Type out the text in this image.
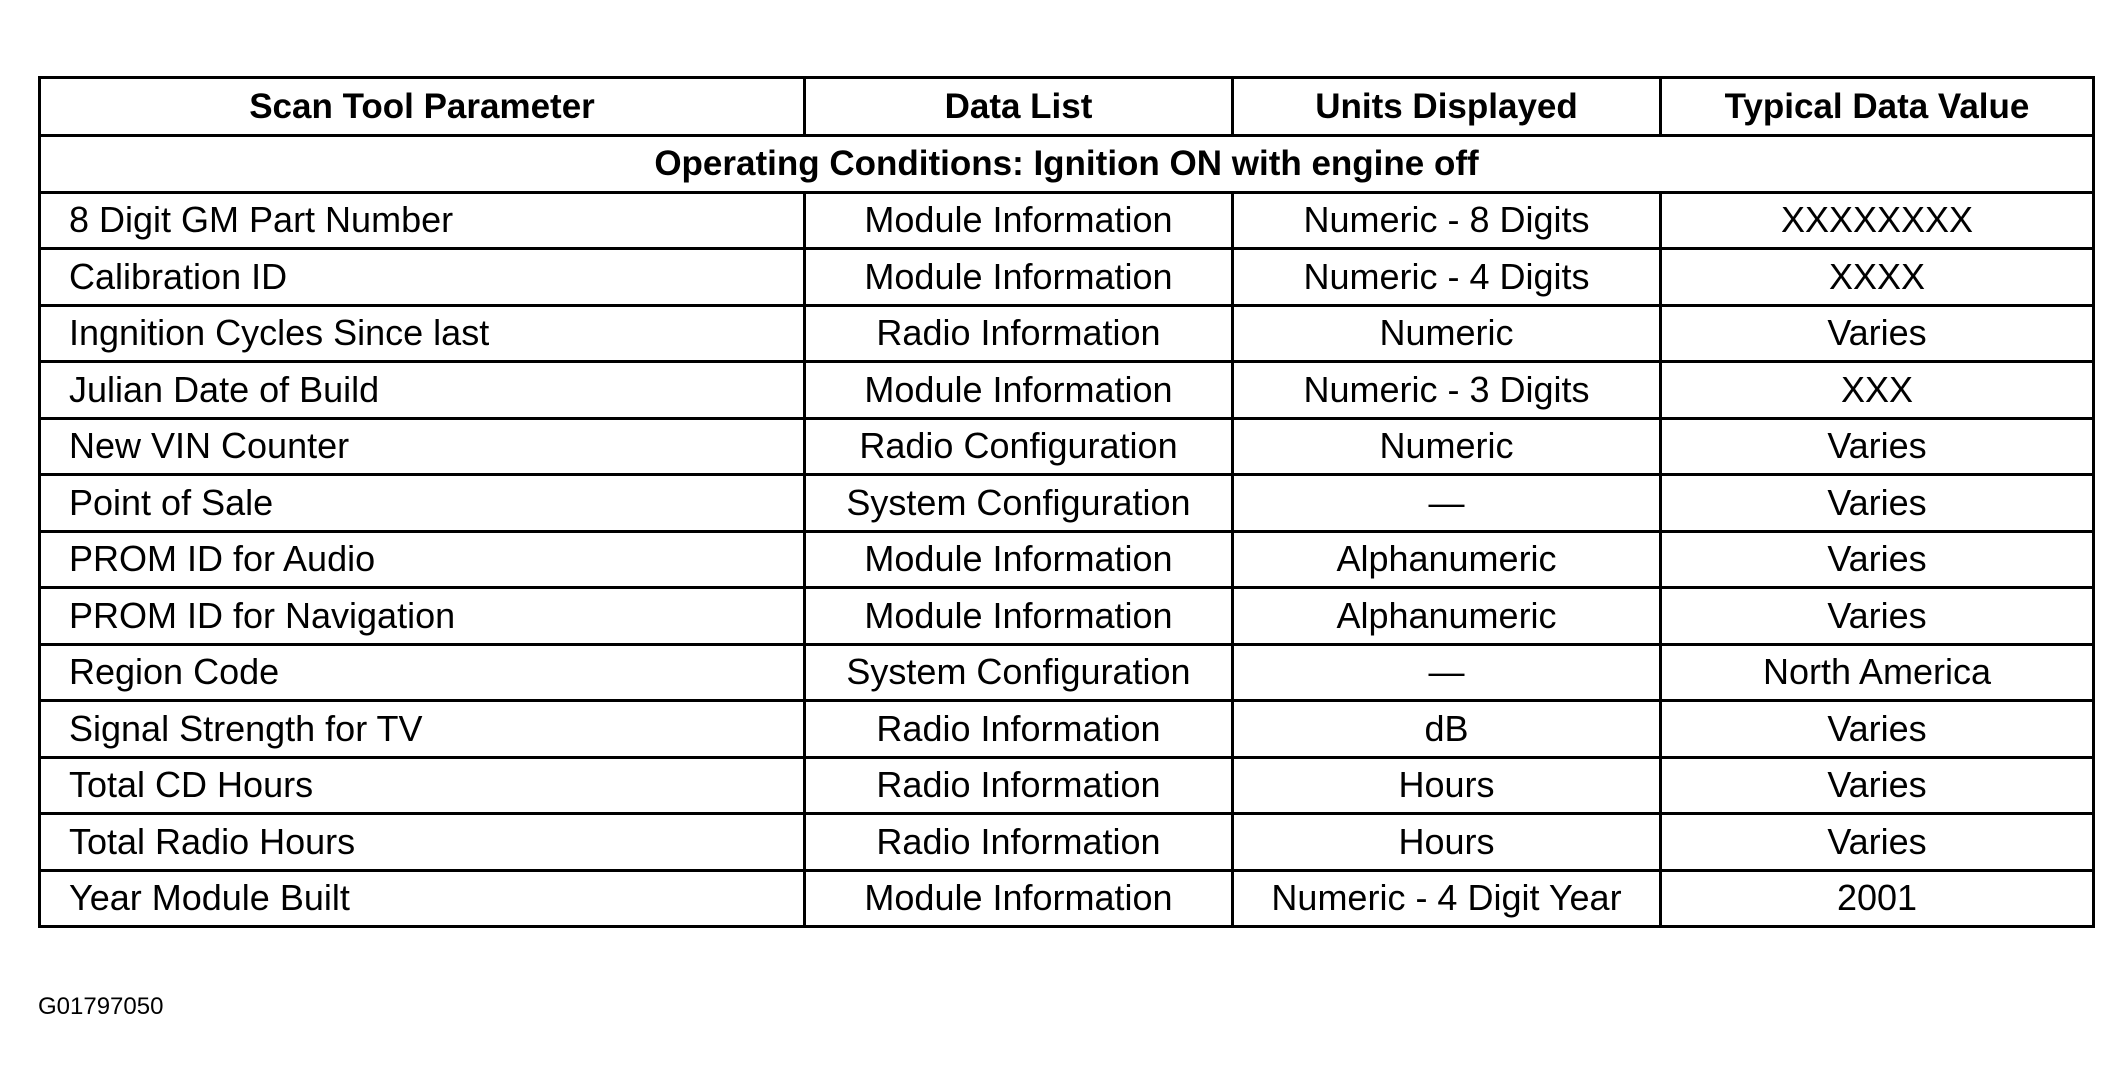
Scan Tool Parameter	Data List	Units Displayed	Typical Data Value
Operating Conditions: Ignition ON with engine off			
8 Digit GM Part Number	Module Information	Numeric - 8 Digits	XXXXXXXX
Calibration ID	Module Information	Numeric - 4 Digits	XXXX
Ingnition Cycles Since last	Radio Information	Numeric	Varies
Julian Date of Build	Module Information	Numeric - 3 Digits	XXX
New VIN Counter	Radio Configuration	Numeric	Varies
Point of Sale	System Configuration	—	Varies
PROM ID for Audio	Module Information	Alphanumeric	Varies
PROM ID for Navigation	Module Information	Alphanumeric	Varies
Region Code	System Configuration	—	North America
Signal Strength for TV	Radio Information	dB	Varies
Total CD Hours	Radio Information	Hours	Varies
Total Radio Hours	Radio Information	Hours	Varies
Year Module Built	Module Information	Numeric - 4 Digit Year	2001
G01797050
